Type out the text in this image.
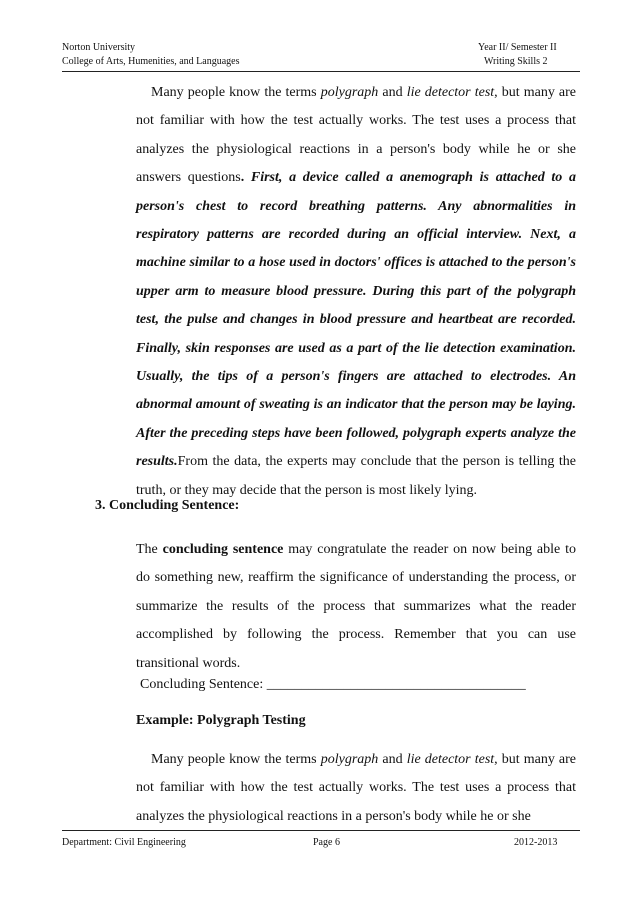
Norton University
College of Arts, Humenities, and Languages
Year II/ Semester II
Writing Skills 2

Many people know the terms polygraph and lie detector test, but many are not familiar with how the test actually works. The test uses a process that analyzes the physiological reactions in a person's body while he or she answers questions. First, a device called a anemograph is attached to a person's chest to record breathing patterns. Any abnormalities in respiratory patterns are recorded during an official interview. Next, a machine similar to a hose used in doctors' offices is attached to the person's upper arm to measure blood pressure. During this part of the polygraph test, the pulse and changes in blood pressure and heartbeat are recorded. Finally, skin responses are used as a part of the lie detection examination. Usually, the tips of a person's fingers are attached to electrodes. An abnormal amount of sweating is an indicator that the person may be laying. After the preceding steps have been followed, polygraph experts analyze the results.From the data, the experts may conclude that the person is telling the truth, or they may decide that the person is most likely lying.

3. Concluding Sentence:

The concluding sentence may congratulate the reader on now being able to do something new, reaffirm the significance of understanding the process, or summarize the results of the process that summarizes what the reader accomplished by following the process. Remember that you can use transitional words.

Concluding Sentence: _____________________________________
Example: Polygraph Testing

Many people know the terms polygraph and lie detector test, but many are not familiar with how the test actually works. The test uses a process that analyzes the physiological reactions in a person's body while he or she

Department: Civil Engineering	Page 6	2012-2013
